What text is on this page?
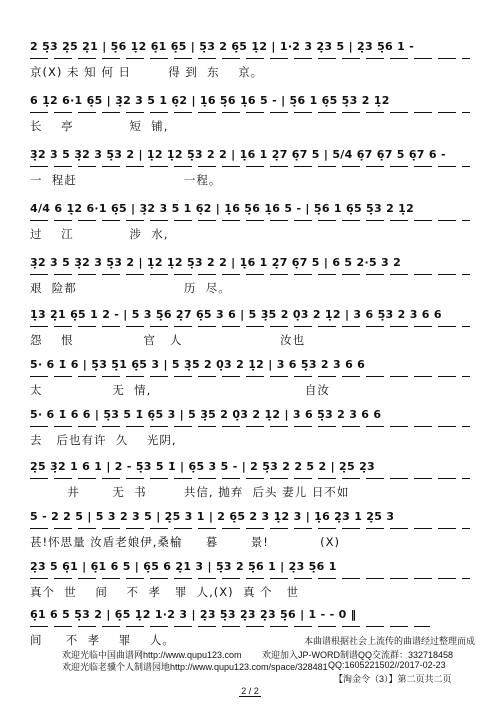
2 5̣3 2̣5 2̣1 | 5̣6 1̣2 6̣1 6̣5 | 5̣3 2 6̣5 1̣2 | 1·2 3 2̣3 5 | 2̣3 5̣6 1 -
京(X) 未 知 何 日        得 到  东    京。
6 1̣2 6·1 6̣5 | 3̣2 3 5 1 6̣2 | 1̣6 5̣6 1̣6 5 - | 5̣6 1 6̣5 5̣3 2 1̣2
长    亭            短  铺,
3̣2 3 5 3̣2 3 5̣3 2 | 1̣2 1̣2 5̣3 2 2 | 1̣6 1 2̣7 6̣7 5 | 5/4 6̣7 6̣7 5 6̣7 6 -
一  程赶                       一程。
4/4 6 1̣2 6·1 6̣5 | 3̣2 3 5 1 6̣2 | 1̣6 5̣6 1̣6 5 - | 5̣6 1 6̣5 5̣3 2 1̣2
过    江            涉  水,
3̣2 3 5 3̣2 3 5̣3 2 | 1̣2 1̣2 5̣3 2 2 | 1̣6 1 2̣7 6̣7 5 | 6 5 2·5 3 2
艰  险都                       历  尽。
1̣3 2̣1 6̣5 1 2 - | 5 3 5̣6 2̣7 6̣5 3 6 | 5 3̣5 2 0̣3 2 1̣2 | 3 6 5̣3 2 3 6 6
怨    恨               官   人                     汝也
5· 6 1̇ 6 | 5̣3 5̣1 6̣5 3 | 5 3̣5 2 0̣3 2 1̣2 | 3 6 5̣3 2 3 6 6
太               无  情,                                 自汝
5· 6 1̇ 6 6 | 5̣3 5 1̇ 6̣5 3 | 5 3̣5 2 0̣3 2 1̣2 | 3 6 5̣3 2 3 6 6
去   后也有许  久    光阴,
2̣5 3̣2 1 6 1 | 2 - 5̣3 5 1̇ | 6̣5 3 5 - | 2 5̣3 2 2 5 2 | 2̣5 2̣3
井       无  书        共信, 抛弃  后头 妻儿 日不如
5 - 2 2 5 | 5 3 2 3 5 | 2̣5 3 1 | 2 6̣5 2 3 1̣2 3 | 1̣6 2̣3 1 2̣5 3
甚!怀思量 汝盾老娘伊,桑榆     暮       景!           (X)
2̣3 5 6̣1 | 6̣1 6 5 | 6̣5 6 2̣1 3 | 5̣3 2 5̣6 1 | 2̣3 5̣6 1
真个  世    间    不  孝   罪  人,(X)  真 个   世
6̣1 6 5 5̣3 2 | 6̣5 1̣2 1·2 3 | 2̣3 5̣3 2̣3 2̣3 5̣6 | 1 - - 0 ‖
间     不  孝    罪    人。	本曲谱根据社会上流传的曲谱经过整理而成
欢迎光临中国曲谱网http://www.qupu123.com 欢迎加入JP-WORD制谱QQ交流群：332718458
欢迎光临老骥个人制谱园地http://www.qupu123.com/space/328481 QQ:1605221502//2017-02-23
【淘金令（3）】第二页共二页
2 / 2
